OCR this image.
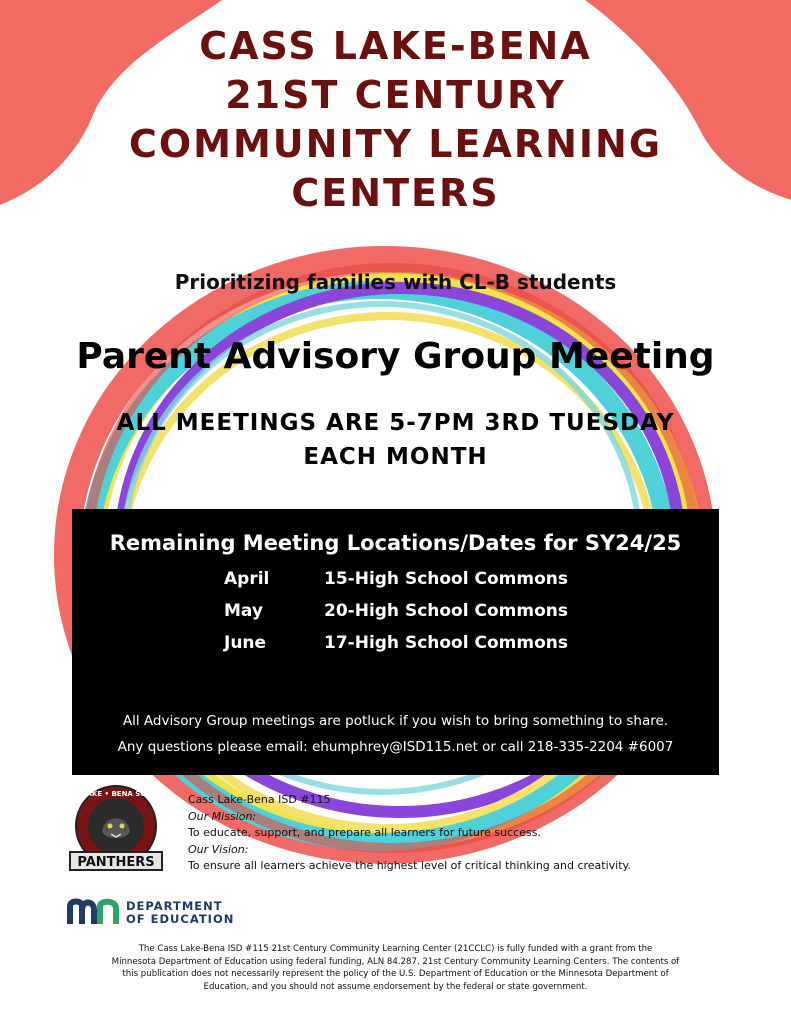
CASS LAKE-BENA
21ST CENTURY
COMMUNITY LEARNING
CENTERS
Prioritizing families with CL-B students
Parent Advisory Group Meeting
ALL MEETINGS ARE 5-7PM 3RD TUESDAY
EACH MONTH
Remaining Meeting Locations/Dates for SY24/25
April	15-High School Commons
May	20-High School Commons
June	17-High School Commons
All Advisory Group meetings are potluck if you wish to bring something to share.
Any questions please email: ehumphrey@ISD115.net or call 218-335-2204 #6007
CASS LAKE • BENA SCHOOLS
PANTHERS
Cass Lake-Bena ISD #115
Our Mission:
To educate, support, and prepare all learners for future success.
Our Vision:
To ensure all learners achieve the highest level of critical thinking and creativity.
DEPARTMENT
OF EDUCATION
The Cass Lake-Bena ISD #115 21st Century Community Learning Center (21CCLC) is fully funded with a grant from the
Minnesota Department of Education using federal funding, ALN 84.287, 21st Century Community Learning Centers. The contents of
this publication does not necessarily represent the policy of the U.S. Department of Education or the Minnesota Department of
Education, and you should not assume endorsement by the federal or state government.
